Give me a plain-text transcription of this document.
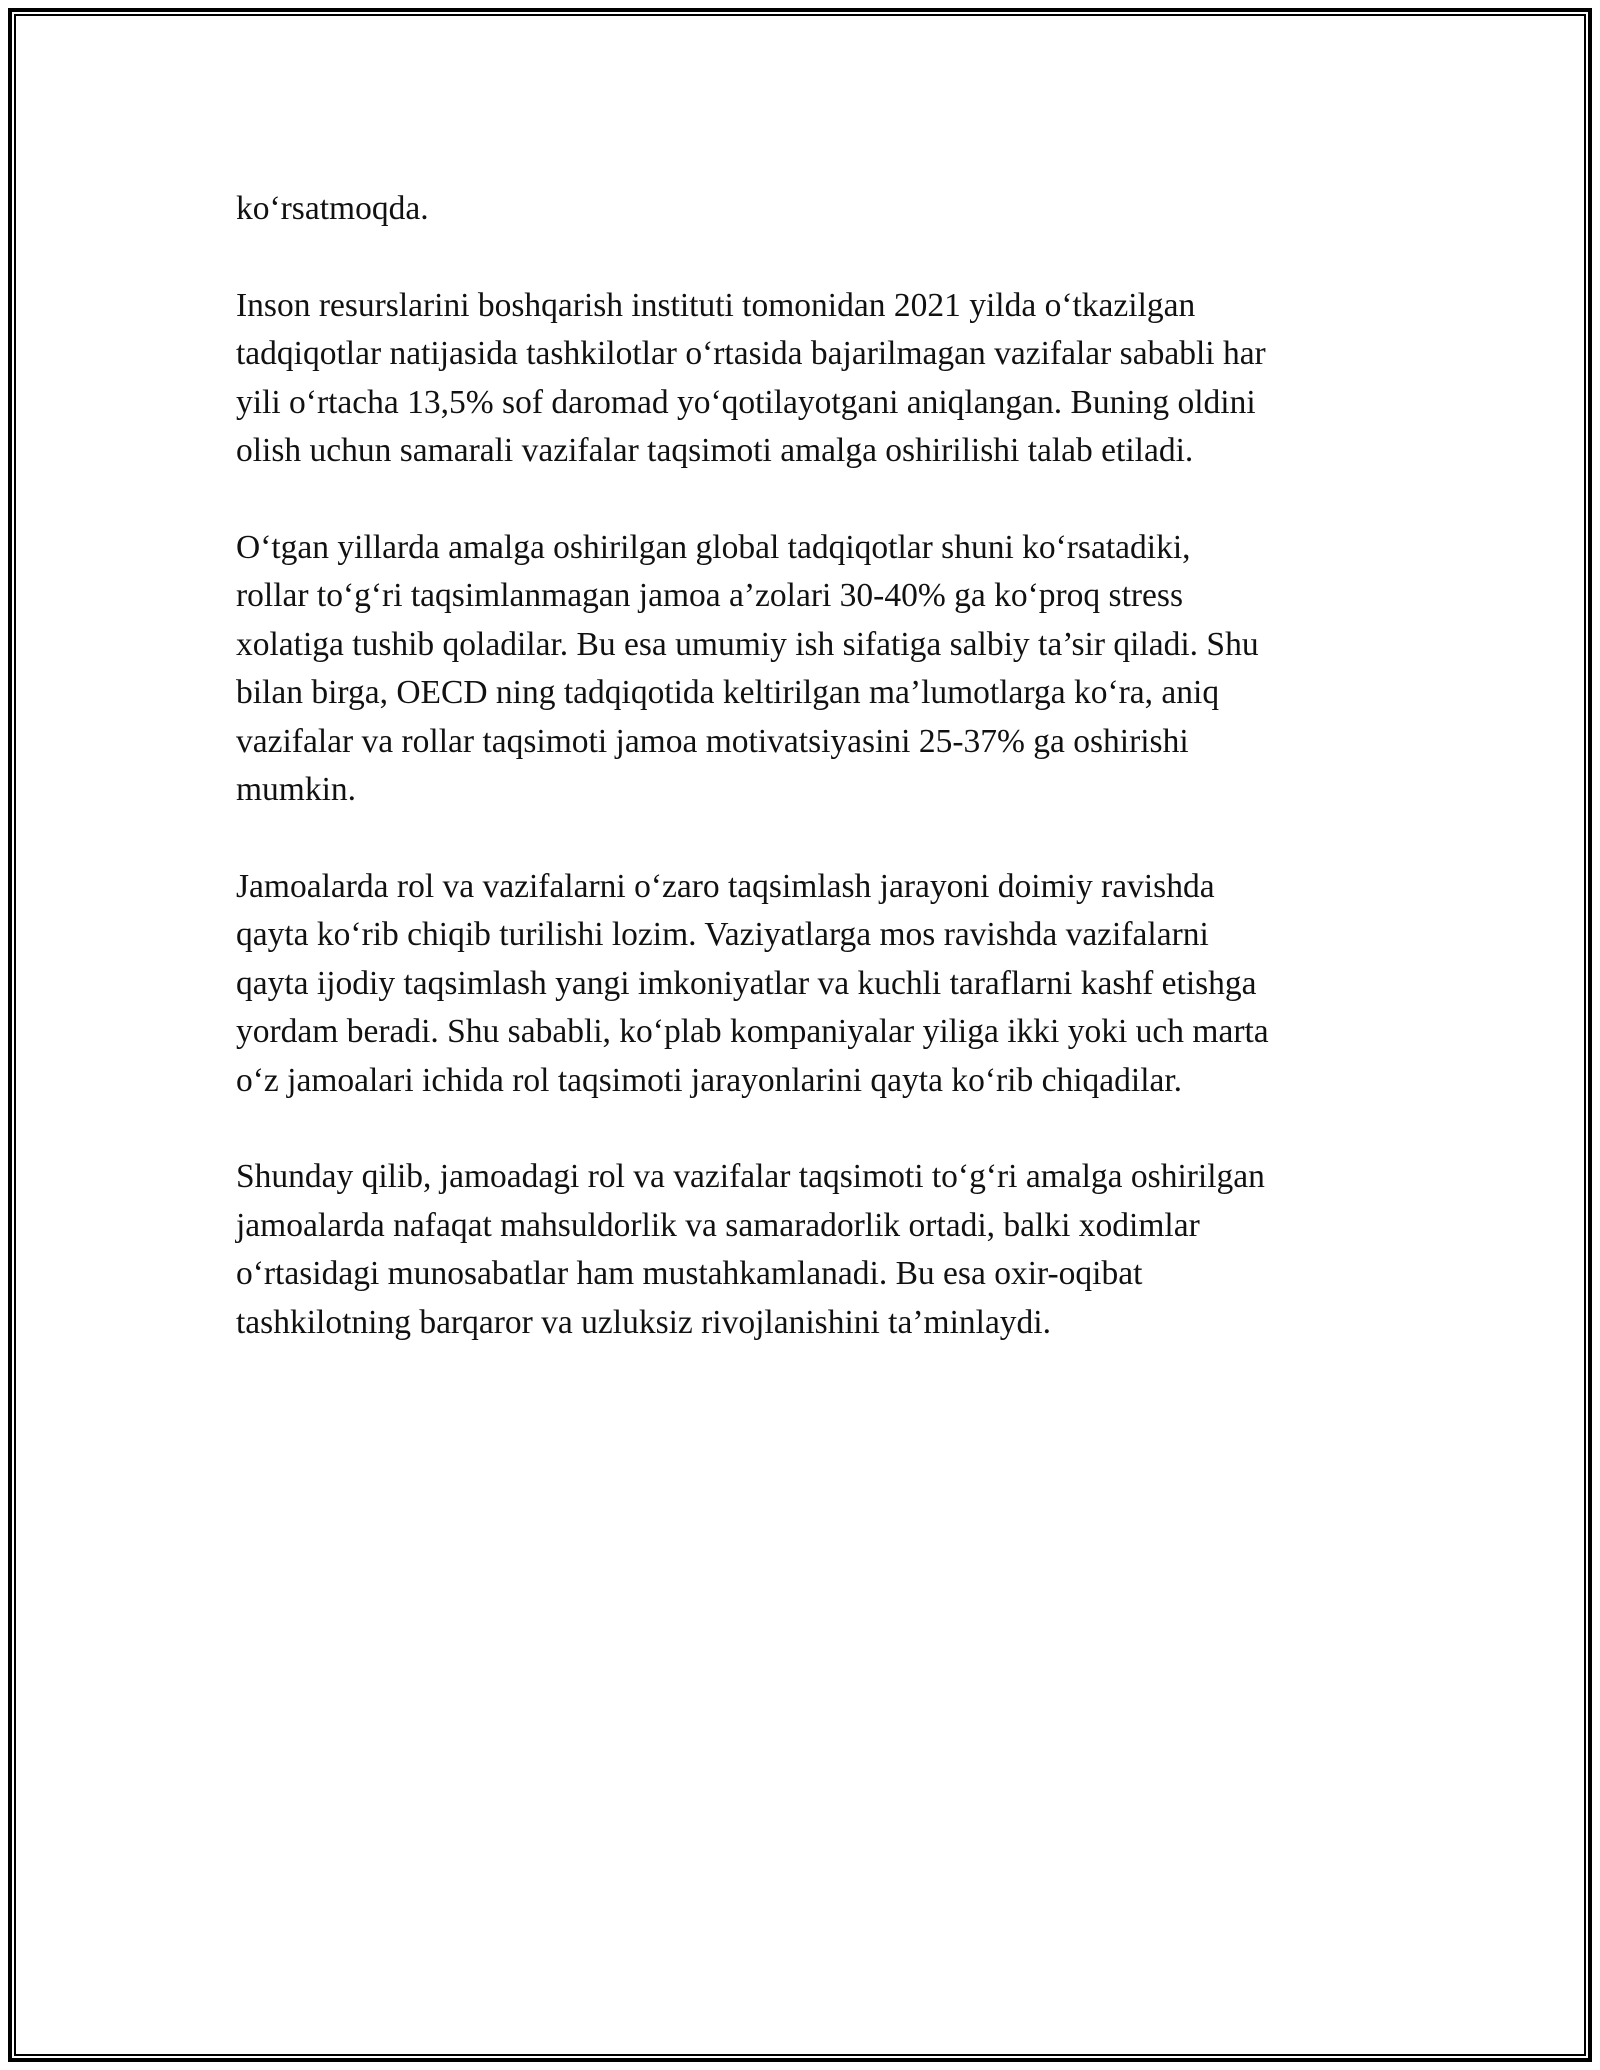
ko‘rsatmoqda.

Inson resurslarini boshqarish instituti tomonidan 2021 yilda o‘tkazilgan
tadqiqotlar natijasida tashkilotlar o‘rtasida bajarilmagan vazifalar sababli har
yili o‘rtacha 13,5% sof daromad yo‘qotilayotgani aniqlangan. Buning oldini
olish uchun samarali vazifalar taqsimoti amalga oshirilishi talab etiladi.

O‘tgan yillarda amalga oshirilgan global tadqiqotlar shuni ko‘rsatadiki,
rollar to‘g‘ri taqsimlanmagan jamoa a’zolari 30-40% ga ko‘proq stress
xolatiga tushib qoladilar. Bu esa umumiy ish sifatiga salbiy ta’sir qiladi. Shu
bilan birga, OECD ning tadqiqotida keltirilgan ma’lumotlarga ko‘ra, aniq
vazifalar va rollar taqsimoti jamoa motivatsiyasini 25-37% ga oshirishi
mumkin.

Jamoalarda rol va vazifalarni o‘zaro taqsimlash jarayoni doimiy ravishda
qayta ko‘rib chiqib turilishi lozim. Vaziyatlarga mos ravishda vazifalarni
qayta ijodiy taqsimlash yangi imkoniyatlar va kuchli taraflarni kashf etishga
yordam beradi. Shu sababli, ko‘plab kompaniyalar yiliga ikki yoki uch marta
o‘z jamoalari ichida rol taqsimoti jarayonlarini qayta ko‘rib chiqadilar.

Shunday qilib, jamoadagi rol va vazifalar taqsimoti to‘g‘ri amalga oshirilgan
jamoalarda nafaqat mahsuldorlik va samaradorlik ortadi, balki xodimlar
o‘rtasidagi munosabatlar ham mustahkamlanadi. Bu esa oxir-oqibat
tashkilotning barqaror va uzluksiz rivojlanishini ta’minlaydi.
